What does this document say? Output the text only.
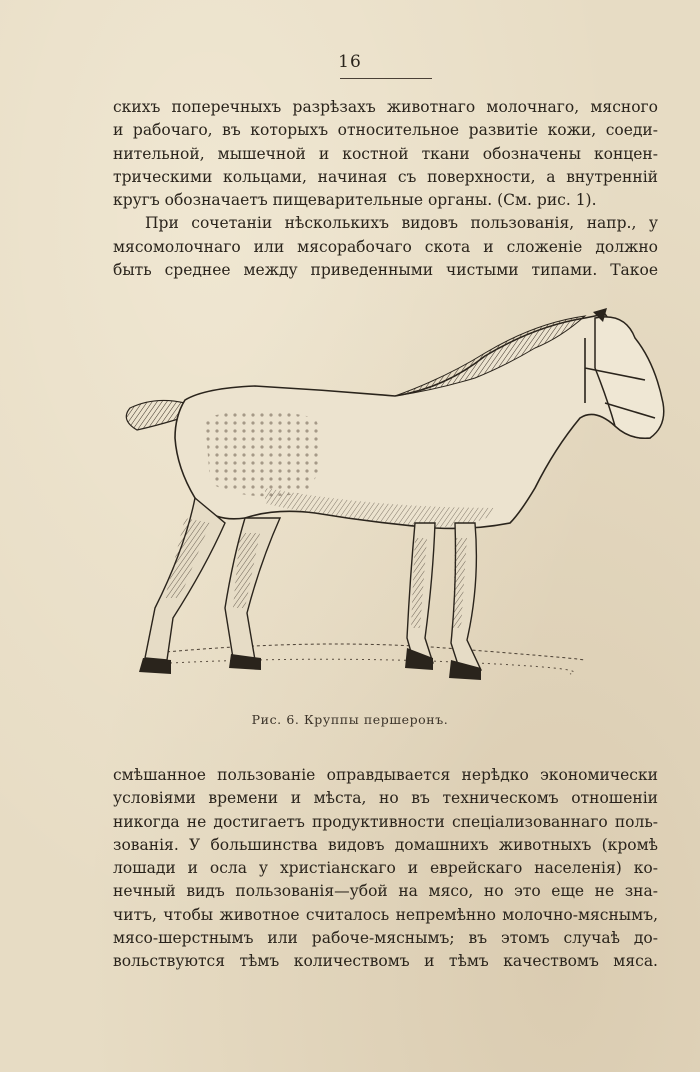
16
скихъ поперечныхъ разрѣзахъ животнаго молочнаго, мясного
и рабочаго, въ которыхъ относительное развитіе кожи, соеди-
нительной, мышечной и костной ткани обозначены концен-
трическими кольцами, начиная съ поверхности, а внутренній
кругъ обозначаетъ пищеварительные органы. (См. рис. 1).
При сочетаніи нѣсколькихъ видовъ пользованія, напр., у
мясомолочнаго или мясорабочаго скота и сложеніе должно
быть среднее между приведенными чистыми типами. Такое
Рис. 6. Круппы першеронъ.
смѣшанное пользованіе оправдывается нерѣдко экономически
условіями времени и мѣста, но въ техническомъ отношеніи
никогда не достигаетъ продуктивности спеціализованнаго поль-
зованія. У большинства видовъ домашнихъ животныхъ (кромѣ
лошади и осла у христіанскаго и еврейскаго населенія) ко-
нечный видъ пользованія—убой на мясо, но это еще не зна-
читъ, чтобы животное считалось непремѣнно молочно-мяснымъ,
мясо-шерстнымъ или рабоче-мяснымъ; въ этомъ случаѣ до-
вольствуются тѣмъ количествомъ и тѣмъ качествомъ мяса.
